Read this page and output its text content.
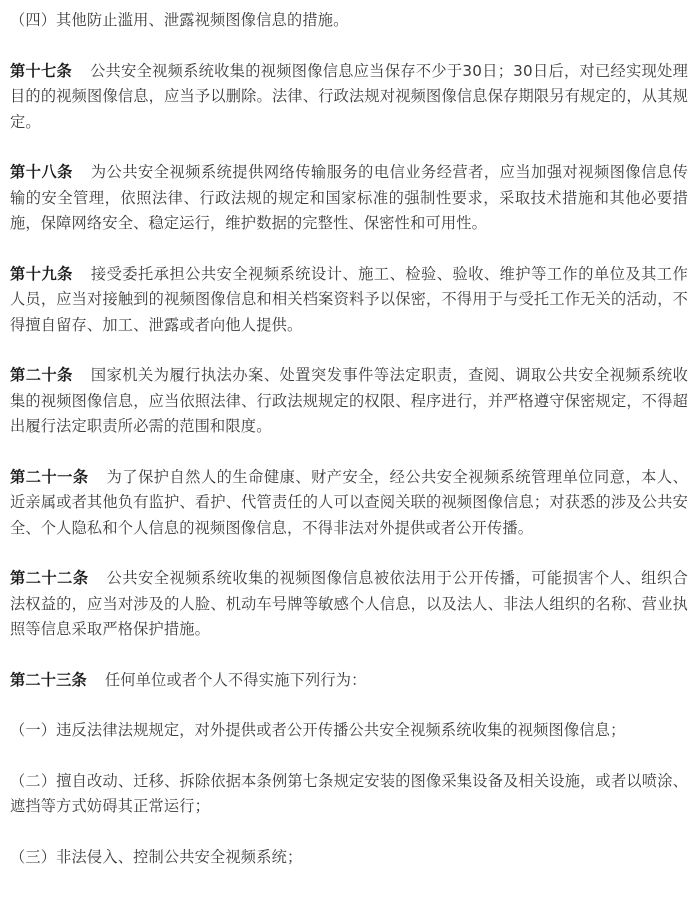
（四）其他防止滥用、泄露视频图像信息的措施。

第十七条 公共安全视频系统收集的视频图像信息应当保存不少于30日；30日后，对已经实现处理目的的视频图像信息，应当予以删除。法律、行政法规对视频图像信息保存期限另有规定的，从其规定。

第十八条 为公共安全视频系统提供网络传输服务的电信业务经营者，应当加强对视频图像信息传输的安全管理，依照法律、行政法规的规定和国家标准的强制性要求，采取技术措施和其他必要措施，保障网络安全、稳定运行，维护数据的完整性、保密性和可用性。

第十九条 接受委托承担公共安全视频系统设计、施工、检验、验收、维护等工作的单位及其工作人员，应当对接触到的视频图像信息和相关档案资料予以保密，不得用于与受托工作无关的活动，不得擅自留存、加工、泄露或者向他人提供。

第二十条 国家机关为履行执法办案、处置突发事件等法定职责，查阅、调取公共安全视频系统收集的视频图像信息，应当依照法律、行政法规规定的权限、程序进行，并严格遵守保密规定，不得超出履行法定职责所必需的范围和限度。

第二十一条 为了保护自然人的生命健康、财产安全，经公共安全视频系统管理单位同意，本人、近亲属或者其他负有监护、看护、代管责任的人可以查阅关联的视频图像信息；对获悉的涉及公共安全、个人隐私和个人信息的视频图像信息，不得非法对外提供或者公开传播。

第二十二条 公共安全视频系统收集的视频图像信息被依法用于公开传播，可能损害个人、组织合法权益的，应当对涉及的人脸、机动车号牌等敏感个人信息，以及法人、非法人组织的名称、营业执照等信息采取严格保护措施。

第二十三条 任何单位或者个人不得实施下列行为：

（一）违反法律法规规定，对外提供或者公开传播公共安全视频系统收集的视频图像信息；

（二）擅自改动、迁移、拆除依据本条例第七条规定安装的图像采集设备及相关设施，或者以喷涂、遮挡等方式妨碍其正常运行；

（三）非法侵入、控制公共安全视频系统；
